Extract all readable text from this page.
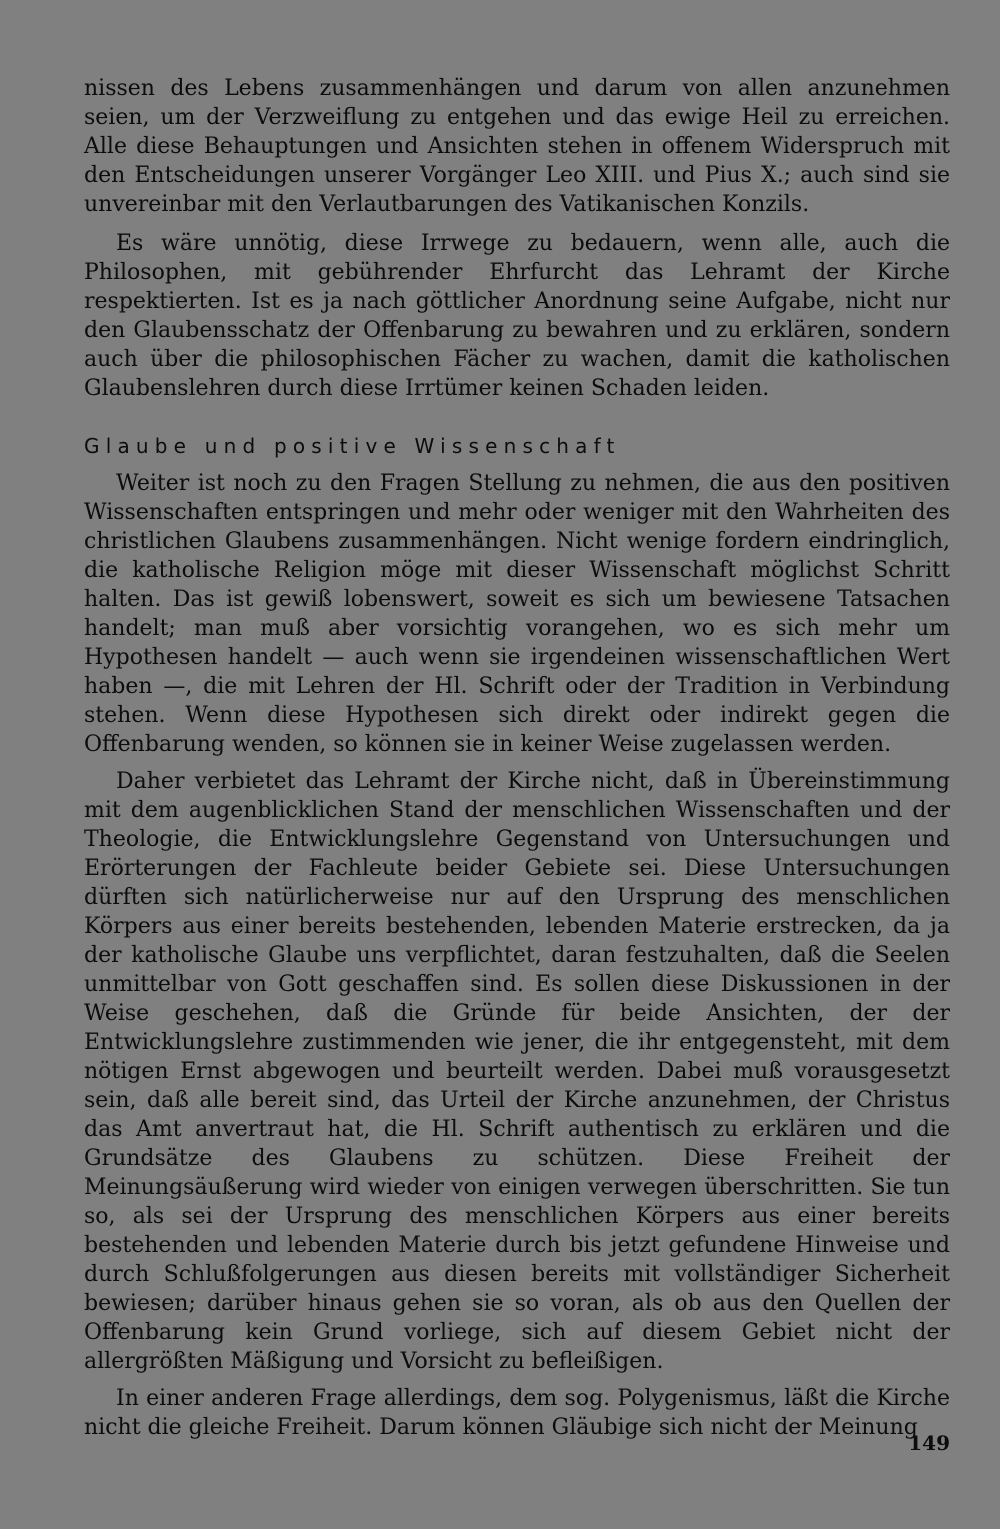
nissen des Lebens zusammenhängen und darum von allen anzunehmen seien, um der Verzweiflung zu entgehen und das ewige Heil zu erreichen. Alle diese Behauptungen und Ansichten stehen in offenem Widerspruch mit den Entscheidungen unserer Vorgänger Leo XIII. und Pius X.; auch sind sie unvereinbar mit den Verlautbarungen des Vatikanischen Konzils.

Es wäre unnötig, diese Irrwege zu bedauern, wenn alle, auch die Philosophen, mit gebührender Ehrfurcht das Lehramt der Kirche respektierten. Ist es ja nach göttlicher Anordnung seine Aufgabe, nicht nur den Glaubensschatz der Offenbarung zu bewahren und zu erklären, sondern auch über die philosophischen Fächer zu wachen, damit die katholischen Glaubenslehren durch diese Irrtümer keinen Schaden leiden.

Glaube und positive Wissenschaft

Weiter ist noch zu den Fragen Stellung zu nehmen, die aus den positiven Wissenschaften entspringen und mehr oder weniger mit den Wahrheiten des christlichen Glaubens zusammenhängen. Nicht wenige fordern eindringlich, die katholische Religion möge mit dieser Wissenschaft möglichst Schritt halten. Das ist gewiß lobenswert, soweit es sich um bewiesene Tatsachen handelt; man muß aber vorsichtig vorangehen, wo es sich mehr um Hypothesen handelt — auch wenn sie irgendeinen wissenschaftlichen Wert haben —, die mit Lehren der Hl. Schrift oder der Tradition in Verbindung stehen. Wenn diese Hypothesen sich direkt oder indirekt gegen die Offenbarung wenden, so können sie in keiner Weise zugelassen werden.

Daher verbietet das Lehramt der Kirche nicht, daß in Übereinstimmung mit dem augenblicklichen Stand der menschlichen Wissenschaften und der Theologie, die Entwicklungslehre Gegenstand von Untersuchungen und Erörterungen der Fachleute beider Gebiete sei. Diese Untersuchungen dürften sich natürlicherweise nur auf den Ursprung des menschlichen Körpers aus einer bereits bestehenden, lebenden Materie erstrecken, da ja der katholische Glaube uns verpflichtet, daran festzuhalten, daß die Seelen unmittelbar von Gott geschaffen sind. Es sollen diese Diskussionen in der Weise geschehen, daß die Gründe für beide Ansichten, der der Entwicklungslehre zustimmenden wie jener, die ihr entgegensteht, mit dem nötigen Ernst abgewogen und beurteilt werden. Dabei muß vorausgesetzt sein, daß alle bereit sind, das Urteil der Kirche anzunehmen, der Christus das Amt anvertraut hat, die Hl. Schrift authentisch zu erklären und die Grundsätze des Glaubens zu schützen. Diese Freiheit der Meinungsäußerung wird wieder von einigen verwegen überschritten. Sie tun so, als sei der Ursprung des menschlichen Körpers aus einer bereits bestehenden und lebenden Materie durch bis jetzt gefundene Hinweise und durch Schlußfolgerungen aus diesen bereits mit vollständiger Sicherheit bewiesen; darüber hinaus gehen sie so voran, als ob aus den Quellen der Offenbarung kein Grund vorliege, sich auf diesem Gebiet nicht der allergrößten Mäßigung und Vorsicht zu befleißigen.

In einer anderen Frage allerdings, dem sog. Polygenismus, läßt die Kirche nicht die gleiche Freiheit. Darum können Gläubige sich nicht der Meinung

149
